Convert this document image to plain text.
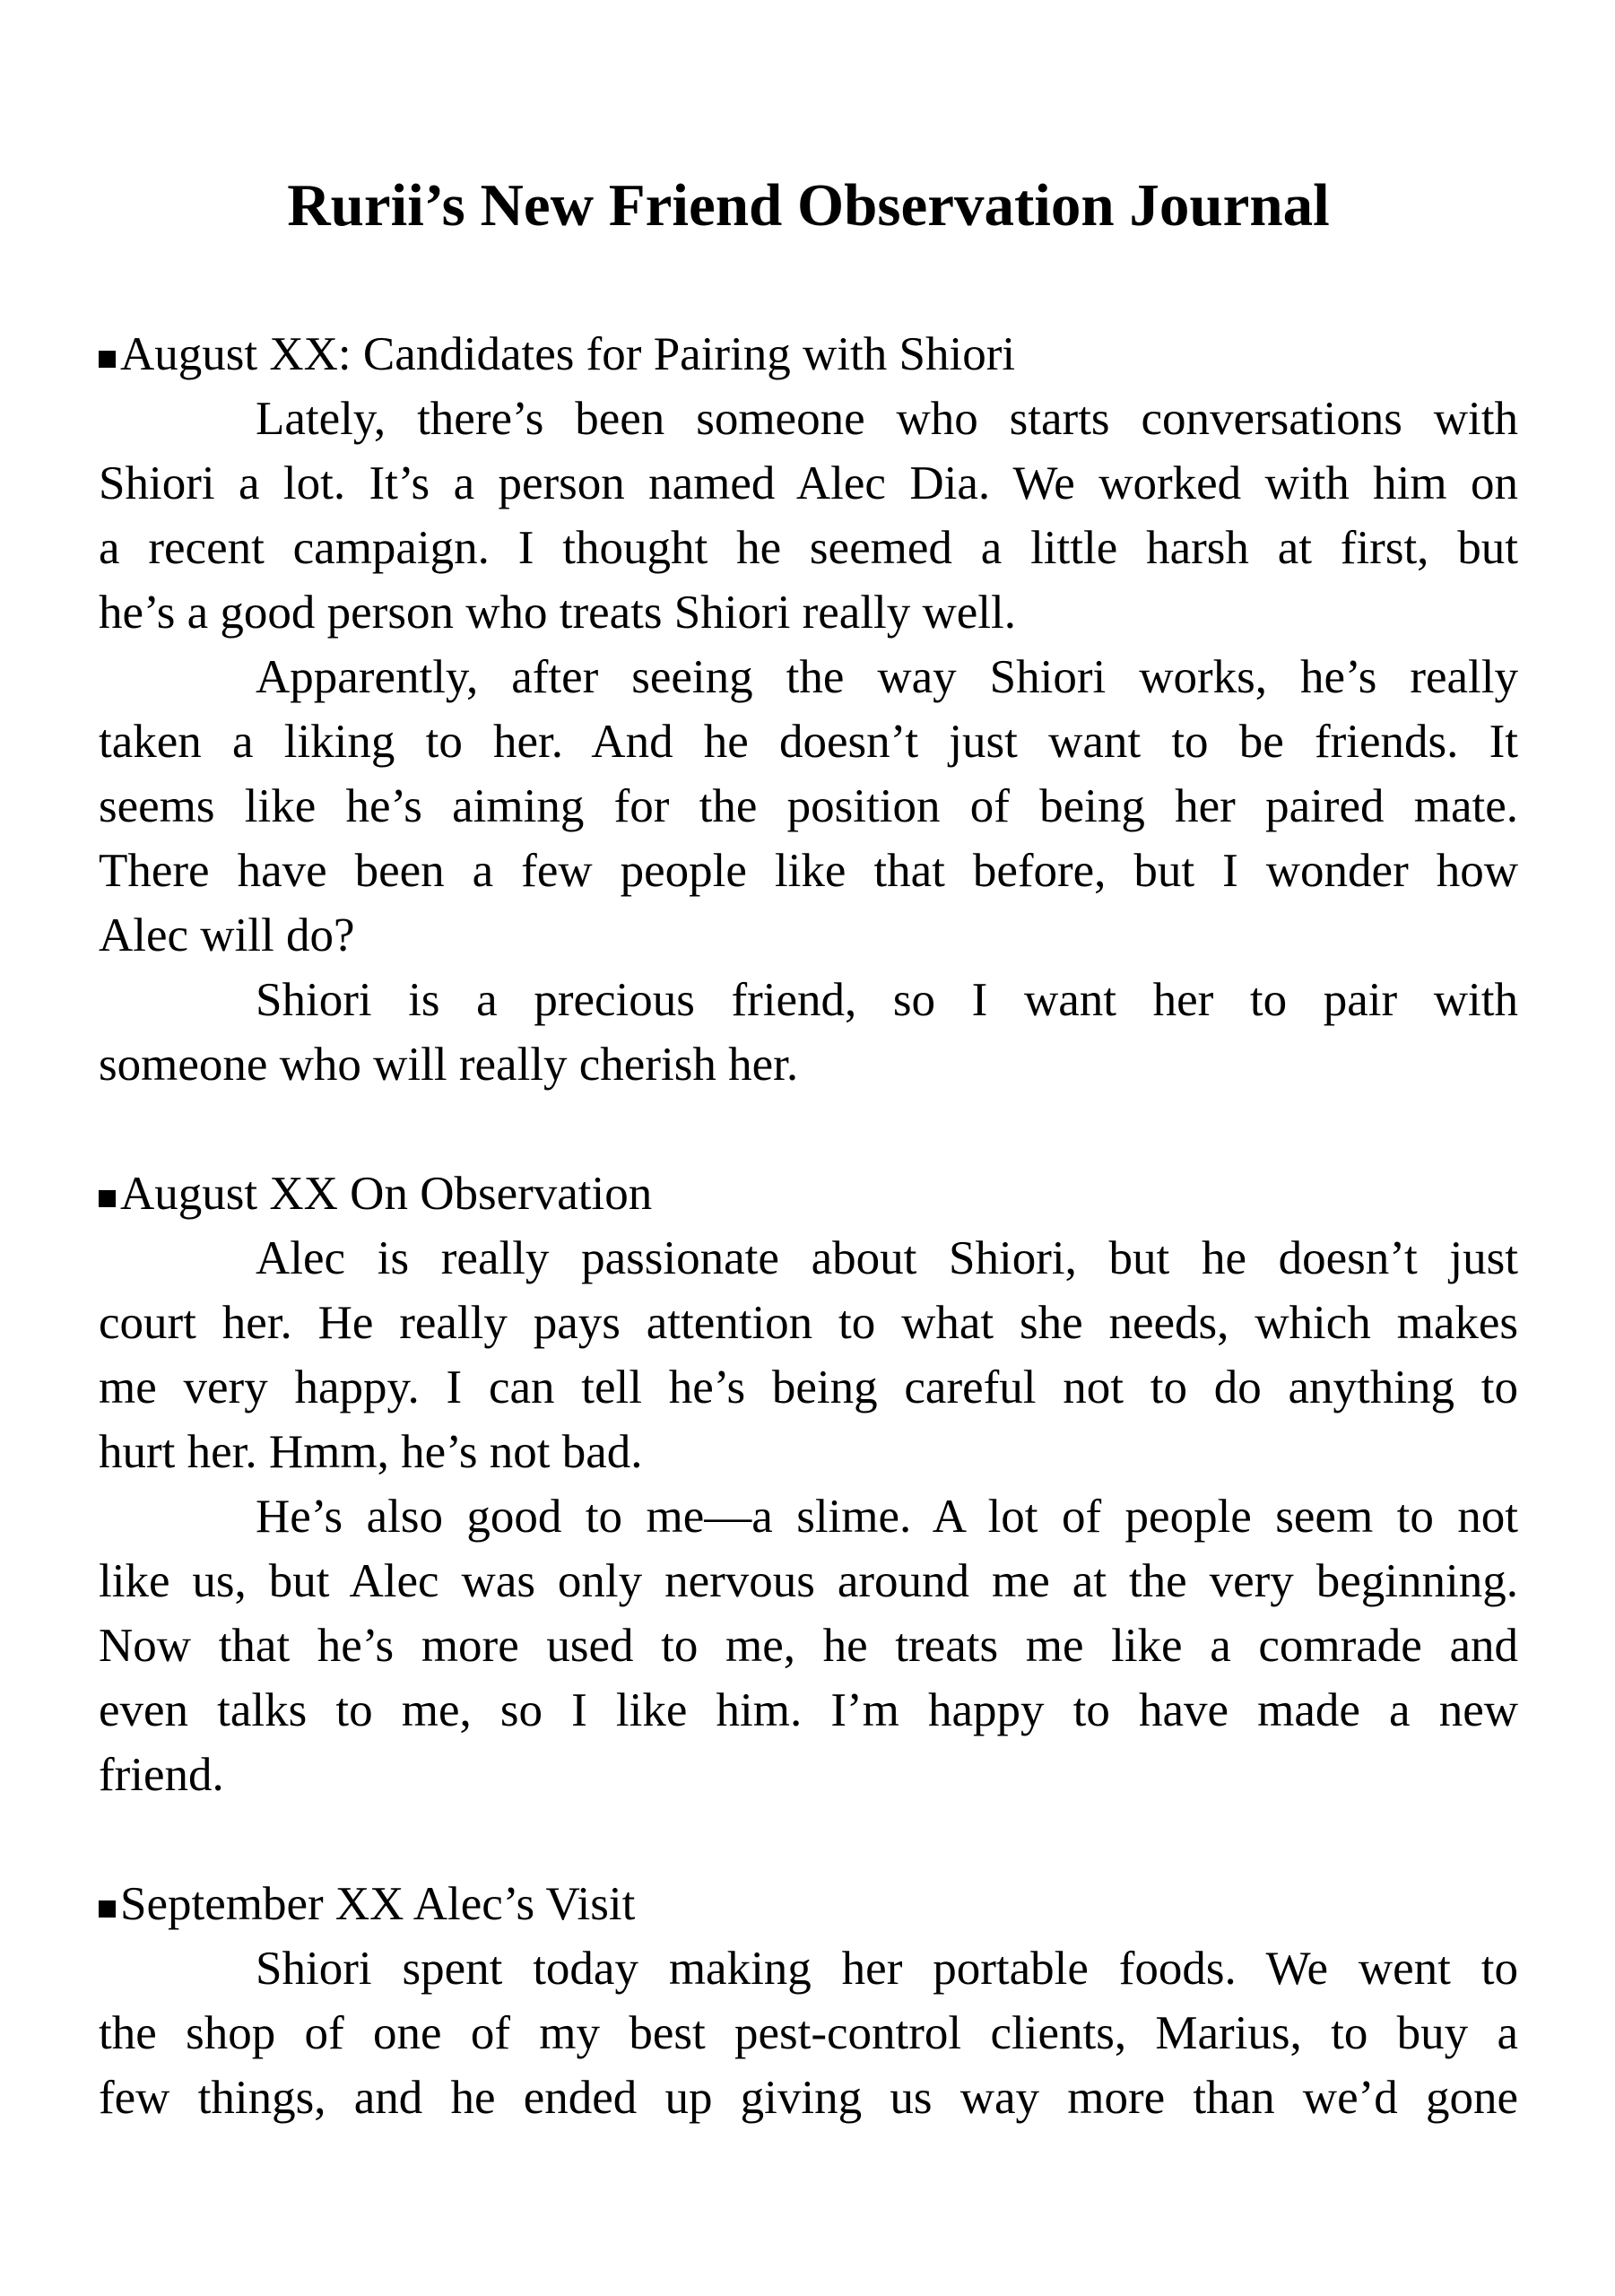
Rurii’s New Friend Observation Journal
August XX: Candidates for Pairing with Shiori
Lately, there’s been someone who starts conversations with
Shiori a lot. It’s a person named Alec Dia. We worked with him on
a recent campaign. I thought he seemed a little harsh at first, but
he’s a good person who treats Shiori really well.
Apparently, after seeing the way Shiori works, he’s really
taken a liking to her. And he doesn’t just want to be friends. It
seems like he’s aiming for the position of being her paired mate.
There have been a few people like that before, but I wonder how
Alec will do?
Shiori is a precious friend, so I want her to pair with
someone who will really cherish her.
August XX On Observation
Alec is really passionate about Shiori, but he doesn’t just
court her. He really pays attention to what she needs, which makes
me very happy. I can tell he’s being careful not to do anything to
hurt her. Hmm, he’s not bad.
He’s also good to me—a slime. A lot of people seem to not
like us, but Alec was only nervous around me at the very beginning.
Now that he’s more used to me, he treats me like a comrade and
even talks to me, so I like him. I’m happy to have made a new
friend.
September XX Alec’s Visit
Shiori spent today making her portable foods. We went to
the shop of one of my best pest-control clients, Marius, to buy a
few things, and he ended up giving us way more than we’d gone
